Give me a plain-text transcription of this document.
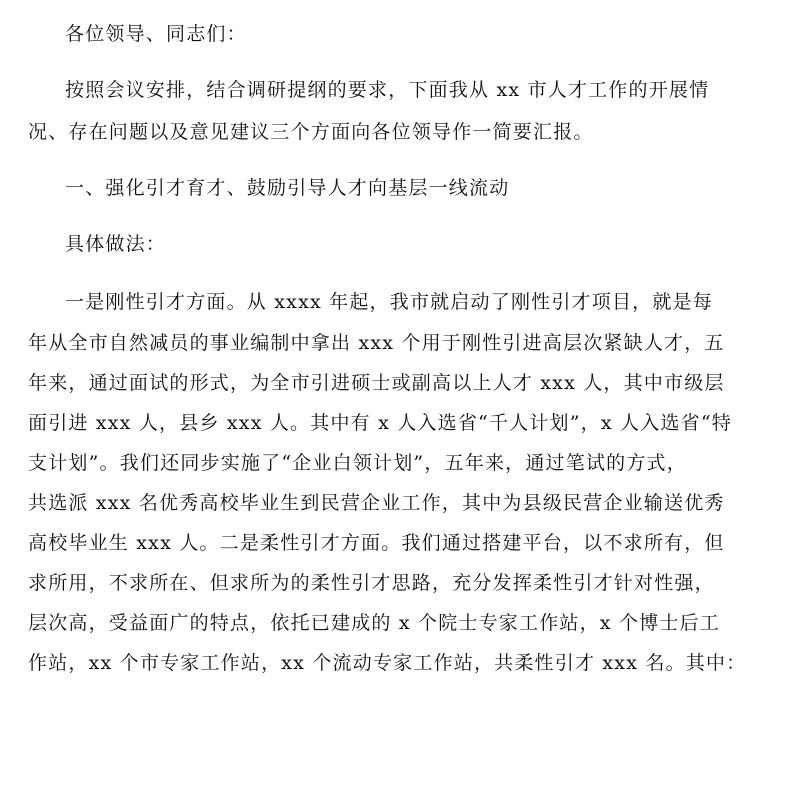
各位领导、同志们：
按照会议安排，结合调研提纲的要求，下面我从 xx 市人才工作的开展情
况、存在问题以及意见建议三个方面向各位领导作一简要汇报。
一、强化引才育才、鼓励引导人才向基层一线流动
具体做法：
一是刚性引才方面。从 xxxx 年起，我市就启动了刚性引才项目，就是每
年从全市自然减员的事业编制中拿出 xxx 个用于刚性引进高层次紧缺人才，五
年来，通过面试的形式，为全市引进硕士或副高以上人才 xxx 人，其中市级层
面引进 xxx 人，县乡 xxx 人。其中有 x 人入选省“千人计划”，x 人入选省“特
支计划”。我们还同步实施了“企业白领计划”，五年来，通过笔试的方式，
共选派 xxx 名优秀高校毕业生到民营企业工作，其中为县级民营企业输送优秀
高校毕业生 xxx 人。二是柔性引才方面。我们通过搭建平台，以不求所有，但
求所用，不求所在、但求所为的柔性引才思路，充分发挥柔性引才针对性强，
层次高，受益面广的特点，依托已建成的 x 个院士专家工作站，x 个博士后工
作站，xx 个市专家工作站，xx 个流动专家工作站，共柔性引才 xxx 名。其中：
